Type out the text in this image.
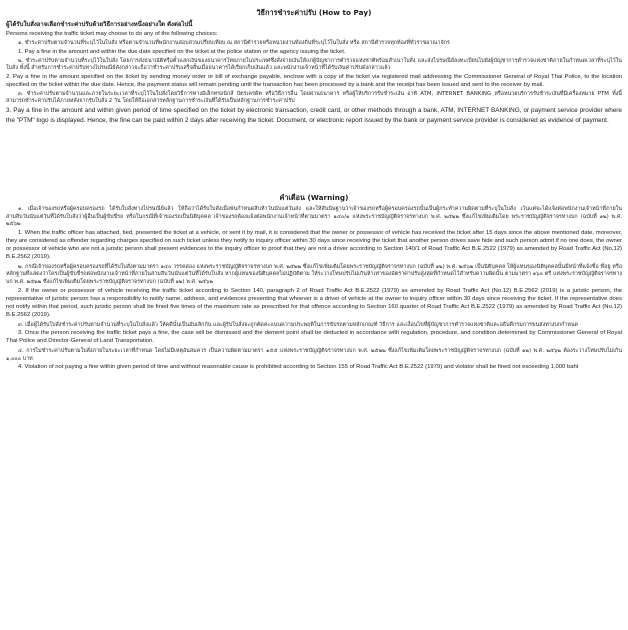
วิธีการชำระค่าปรับ (How to Pay)

ผู้ได้รับใบสั่งอาจเลือกชำระค่าปรับด้วยวิธีการอย่างหนึ่งอย่างใด ดังต่อไปนี้

Persons receiving the traffic ticket may choose to do any of the following choices:

๑. ชำระค่าปรับตามจำนวนที่ระบุไว้ในใบสั่ง หรือตามจำนวนที่พนักงานสอบสวนเปรียบเทียบ ณ สถานีตำรวจหรือหน่วยงานท้องถิ่นที่ระบุไว้ในใบสั่ง หรือ สถานีตำรวจทุกท้องที่ทั่วราชอาณาจักร

1. Pay a fine in the amount and within the due date specified on the ticket at the police station or the agency issuing the ticket.

๒. ชำระค่าปรับตามจำนวนที่ระบุไว้ในใบสั่ง โดยการส่งธนาณัติหรือตั๋วแลกเงินของธนาคารไทยภายในประเทศซึ่งสั่งจ่ายเงินให้แก่ผู้บัญชาการตำรวจแห่งชาติพร้อมสำเนาใบสั่ง และส่งไปรษณีย์ลงทะเบียนไปยังผู้บัญชาการตำรวจแห่งชาติภายในกำหนดเวลาที่ระบุไว้ในใบสั่ง ทั้งนี้ สำหรับการชำระค่าปรับทางไปรษณีย์ดังกล่าวจะถือว่าชำระค่าปรับเสร็จสิ้นเมื่อธนาคารได้เรียกเก็บเงินแล้ว และพนักงานเจ้าหน้าที่ได้รับเงินค่าปรับดังกล่าวแล้ว

2. Pay a fine in the amount specified on the ticket by sending money order or bill of exchange payable, enclose with a copy of the ticket via registered mail addressing the Commissioner General of Royal Thai Police, to the location specified on the ticket within the due date. Hence, the payment status will remain pending until the transaction has been processed by a bank and the receipt has been issued and sent to the receiver by mail.

๓. ชำระค่าปรับตามจำนวนและภายในระยะเวลาที่ระบุไว้ในใบสั่งโดยวิธีการทางอิเล็กทรอนิกส์ บัตรเครดิต หรือวิธีการอื่น โดยผ่านธนาคาร หรือผู้ให้บริการรับชำระเงิน อาทิ ATM, INTERNET BANKING หรือหน่วยบริการรับชำระเงินที่มีเครื่องหมาย PTM ทั้งนี้สามารถชำระค่าปรับได้ภายหลังจากรับใบสั่ง 2 วัน โดยให้ถือเอกสารหลักฐานการชำระเงินที่ได้รับเป็นหลักฐานการชำระค่าปรับ

3. Pay a fine in the amount and within given period of time specified on the ticket by electronic transaction, credit card, or other methods through a bank, ATM, INTERNET BANKING, or payment service provider where the "PTM" logo is displayed. Hence, the fine can be paid within 2 days after receiving the ticket. Document, or electronic report issued by the bank or payment service provider is considered as evidence of payment.

คำเตือน (Warning)

๑. เมื่อเจ้าของรถหรือผู้ครอบครองรถ ได้รับใบสั่งทางไปรษณีย์แล้ว ให้ถือว่าได้รับใบสั่งเมื่อพ้นกำหนดสิบห้าวันนับแต่วันส่ง และให้สันนิษฐานว่าเจ้าของรถหรือผู้ครอบครองรถนั้นเป็นผู้กระทำความผิดตามที่ระบุในใบสั่ง เว้นแต่จะได้แจ้งต่อพนักงานเจ้าหน้าที่ภายในสามสิบวันนับแต่วันที่ได้รับใบสั่งว่าผู้อื่นเป็นผู้ขับขี่รถ หรือในกรณีที่เจ้าของรถเป็นนิติบุคคล เจ้าของรถต้องแจ้งต่อพนักงานเจ้าหน้าที่ตามมาตรา ๑๔๐/๑ แห่งพระราชบัญญัติจราจรทางบก พ.ศ. ๒๕๒๒ ซึ่งแก้ไขเพิ่มเติมโดย พระราชบัญญัติจราจรทางบก (ฉบับที่ ๑๒) พ.ศ. ๒๕๖๒

1. When the traffic officer has attached, tied, presented the ticket at a vehicle, or sent it by mail, it is considered that the owner or possessor of vehicle has received the ticket after 15 days since the above mentioned date, moreover, they are considered as offender regarding charges specified on such ticket unless they notify to inquiry officer within 30 days since receiving the ticket that another person drives save hide and such person admit if no one does, the owner or possessor of vehicle who are not a juristic person shall present evidences to the inquiry officer to proof that they are not a driver according to Section 140/1 of Road Traffic Act B.E.2522 (1979) as amended by Road Traffic Act (No.12) B.E.2562 (2019).

๒. กรณีเจ้าของรถหรือผู้ครอบครองรถที่ได้รับใบสั่งตามมาตรา ๑๔๐ วรรคสอง แห่งพระราชบัญญัติจราจรทางบก พ.ศ. ๒๕๒๒ ซึ่งแก้ไขเพิ่มเติมโดยพระราชบัญญัติจราจรทางบก (ฉบับที่ ๑๒) พ.ศ. ๒๕๖๒ เป็นนิติบุคคล ให้ผู้แทนของนิติบุคคลนั้นมีหน้าที่แจ้งชื่อ ที่อยู่ หรือหลักฐานที่แสดงว่าใครเป็นผู้ขับขี่รถต่อพนักงานเจ้าหน้าที่ภายในสามสิบวันนับแต่วันที่ได้รับใบสั่ง หากผู้แทนของนิติบุคคลไม่ปฏิบัติตาม ให้ระวางโทษปรับไม่เกินห้าเท่าของอัตราค่าปรับสูงสุดที่กำหนดไว้สำหรับความผิดนั้น ตามมาตรา ๑๖๐ ตรี แห่งพระราชบัญญัติจราจรทางบก พ.ศ. ๒๕๒๒ ซึ่งแก้ไขเพิ่มเติมโดยพระราชบัญญัติจราจรทางบก (ฉบับที่ ๑๒) พ.ศ. ๒๕๖๒

2. If the owner or possessor of vehicle receiving the traffic ticket according to Section 140, paragraph 2 of Road Traffic Act B.E.2522 (1979) as amended by Road Traffic Act (No.12) B.E.2562 (2019) is a juristic person, the representative of juristic person has a responsibility to notify name, address, and evidences presenting that whoever is a driver of vehicle at the owner to inquiry officer within 30 days since receiving the ticket. If the representative does not notify within that period, such juristic person shall be fined five times of the maximum rate as prescribed for that offence according to Section 160 quarter of Road Traffic Act B.E.2522 (1979) as amended by Road Traffic Act (No.12) B.E.2562 (2019).

๓. เมื่อผู้ได้รับใบสั่งชำระค่าปรับตามจำนวนที่ระบุในใบสั่งแล้ว ให้คดีนั้นเป็นอันเลิกกัน และผู้รับใบสั่งจะถูกตัดคะแนนความประพฤติในการขับรถตามหลักเกณฑ์ วิธีการ และเงื่อนไขที่ผู้บัญชาการตำรวจแห่งชาติและอธิบดีกรมการขนส่งทางบกกำหนด

3. Once the person receiving the traffic ticket pays a fine, the case will be dismissed and the demerit point shall be deducted in accordance with regulation, procedure, and condition determined by Commissioner General of Royal Thai Police and Director-General of Land Transportation.

๔. การไม่ชำระค่าปรับตามใบสั่งภายในระยะเวลาที่กำหนด โดยไม่มีเหตุอันสมควร เป็นความผิดตามมาตรา ๑๕๕ แห่งพระราชบัญญัติจราจรทางบก พ.ศ. ๒๕๒๒ ซึ่งแก้ไขเพิ่มเติมโดยพระราชบัญญัติจราจรทางบก (ฉบับที่ ๑๒) พ.ศ. ๒๕๖๒ ต้องระวางโทษปรับไม่เกิน ๑,๐๐๐ บาท

4. Violation of not paying a fine within given period of time and without reasonable cause is prohibited according to Section 155 of Road Traffic Act B.E.2522 (1979) and violator shall be fined not exceeding 1,000 baht
